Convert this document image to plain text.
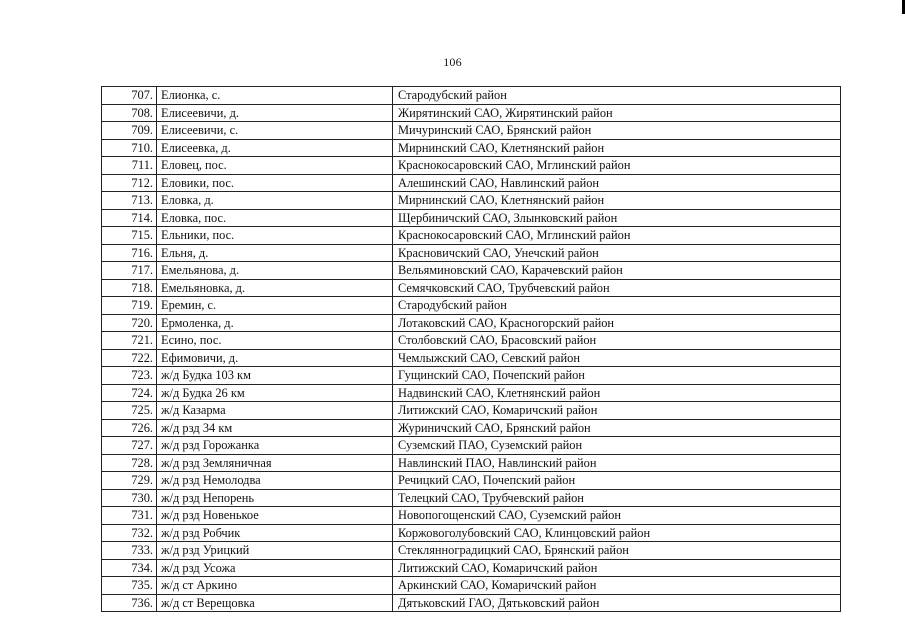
106
707.	Елионка, с.	Стародубский район
708.	Елисеевичи, д.	Жирятинский САО, Жирятинский район
709.	Елисеевичи, с.	Мичуринский САО, Брянский район
710.	Елисеевка, д.	Мирнинский САО, Клетнянский район
711.	Еловец, пос.	Краснокосаровский САО, Мглинский район
712.	Еловики, пос.	Алешинский САО, Навлинский район
713.	Еловка, д.	Мирнинский САО, Клетнянский район
714.	Еловка, пос.	Щербиничский САО, Злынковский район
715.	Ельники, пос.	Краснокосаровский САО, Мглинский район
716.	Ельня, д.	Красновичский САО, Унечский район
717.	Емельянова, д.	Вельяминовский САО, Карачевский район
718.	Емельяновка, д.	Семячковский САО, Трубчевский район
719.	Еремин, с.	Стародубский район
720.	Ермоленка, д.	Лотаковский САО, Красногорский район
721.	Есино, пос.	Столбовский САО, Брасовский район
722.	Ефимовичи, д.	Чемлыжский САО, Севский район
723.	ж/д Будка 103 км	Гущинский САО, Почепский район
724.	ж/д Будка 26 км	Надвинский САО, Клетнянский район
725.	ж/д Казарма	Литижский САО, Комаричский район
726.	ж/д рзд 34 км	Журиничский САО, Брянский район
727.	ж/д рзд Горожанка	Суземский ПАО, Суземский район
728.	ж/д рзд Земляничная	Навлинский ПАО, Навлинский район
729.	ж/д рзд Немолодва	Речицкий САО, Почепский район
730.	ж/д рзд Непорень	Телецкий САО, Трубчевский район
731.	ж/д рзд Новенькое	Новопогощенский САО, Суземский район
732.	ж/д рзд Робчик	Коржовоголубовский САО, Клинцовский район
733.	ж/д рзд Урицкий	Стеклянноградицкий САО, Брянский район
734.	ж/д рзд Усожа	Литижский САО, Комаричский район
735.	ж/д ст Аркино	Аркинский САО, Комаричский район
736.	ж/д ст Верещовка	Дятьковский ГАО, Дятьковский район
